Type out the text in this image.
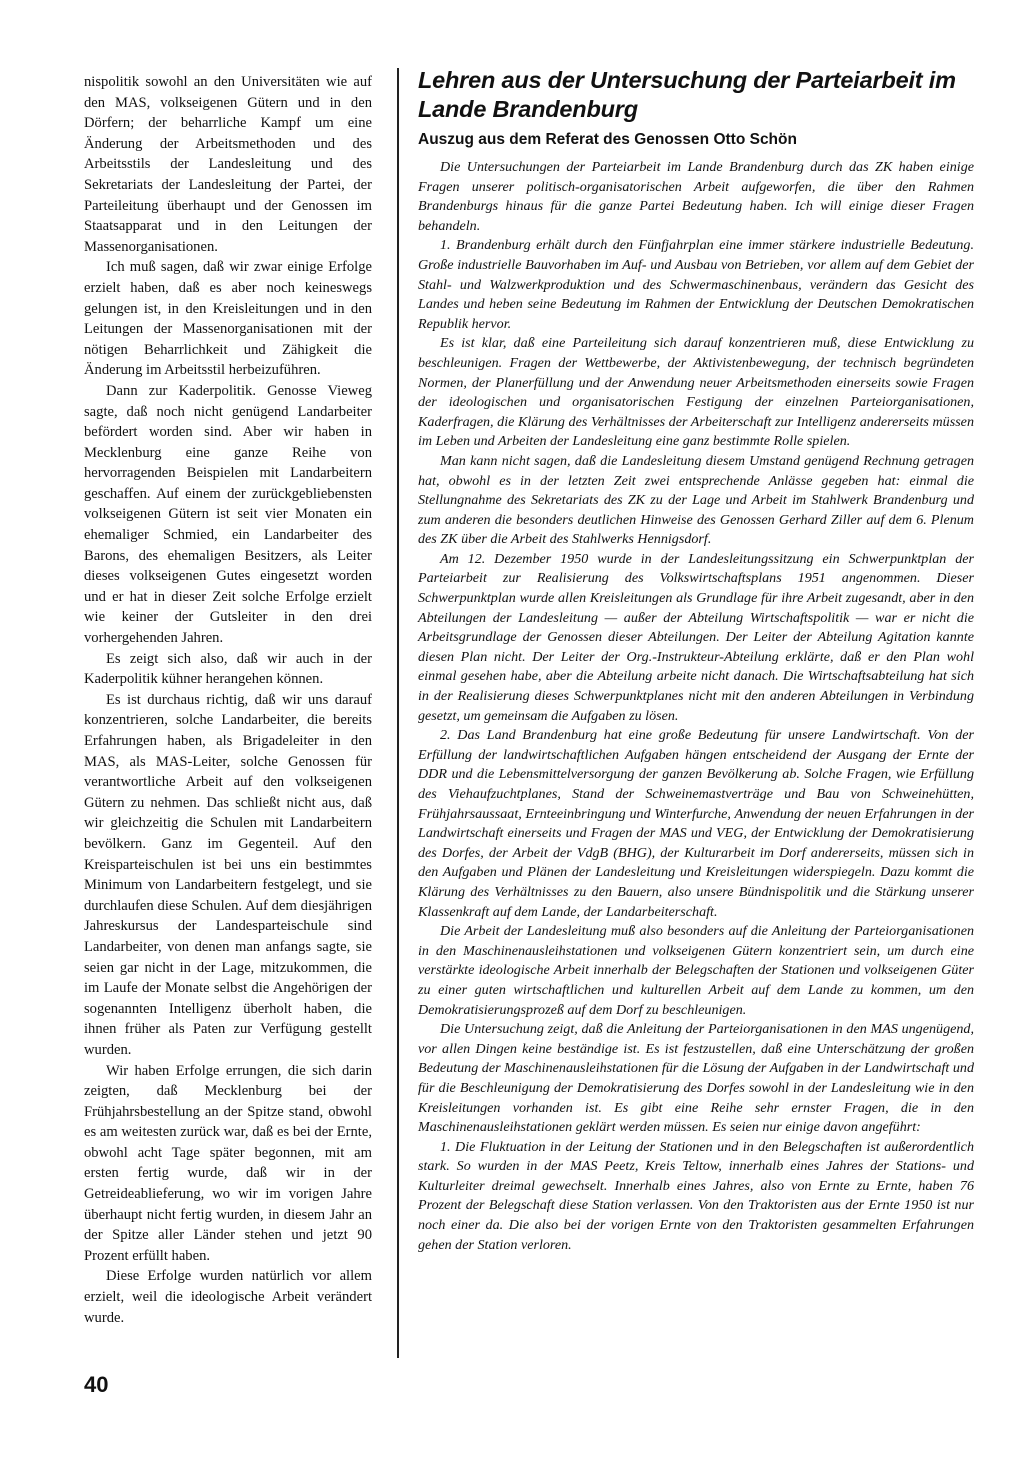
nispolitik sowohl an den Universitäten wie auf den MAS, volkseigenen Gütern und in den Dörfern; der beharrliche Kampf um eine Änderung der Arbeitsmethoden und des Arbeitsstils der Landesleitung und des Sekretariats der Landesleitung der Partei, der Parteileitung überhaupt und der Genossen im Staatsapparat und in den Leitungen der Massenorganisationen.

Ich muß sagen, daß wir zwar einige Erfolge erzielt haben, daß es aber noch keineswegs gelungen ist, in den Kreisleitungen und in den Leitungen der Massenorganisationen mit der nötigen Beharrlichkeit und Zähigkeit die Änderung im Arbeitsstil herbeizuführen.

Dann zur Kaderpolitik. Genosse Vieweg sagte, daß noch nicht genügend Landarbeiter befördert worden sind. Aber wir haben in Mecklenburg eine ganze Reihe von hervorragenden Beispielen mit Landarbeitern geschaffen. Auf einem der zurückgebliebensten volkseigenen Gütern ist seit vier Monaten ein ehemaliger Schmied, ein Landarbeiter des Barons, des ehemaligen Besitzers, als Leiter dieses volkseigenen Gutes eingesetzt worden und er hat in dieser Zeit solche Erfolge erzielt wie keiner der Gutsleiter in den drei vorhergehenden Jahren.

Es zeigt sich also, daß wir auch in der Kaderpolitik kühner herangehen können.

Es ist durchaus richtig, daß wir uns darauf konzentrieren, solche Landarbeiter, die bereits Erfahrungen haben, als Brigadeleiter in den MAS, als MAS-Leiter, solche Genossen für verantwortliche Arbeit auf den volkseigenen Gütern zu nehmen. Das schließt nicht aus, daß wir gleichzeitig die Schulen mit Landarbeitern bevölkern. Ganz im Gegenteil. Auf den Kreisparteischulen ist bei uns ein bestimmtes Minimum von Landarbeitern festgelegt, und sie durchlaufen diese Schulen. Auf dem diesjährigen Jahreskursus der Landesparteischule sind Landarbeiter, von denen man anfangs sagte, sie seien gar nicht in der Lage, mitzukommen, die im Laufe der Monate selbst die Angehörigen der sogenannten Intelligenz überholt haben, die ihnen früher als Paten zur Verfügung gestellt wurden.

Wir haben Erfolge errungen, die sich darin zeigten, daß Mecklenburg bei der Frühjahrsbestellung an der Spitze stand, obwohl es am weitesten zurück war, daß es bei der Ernte, obwohl acht Tage später begonnen, mit am ersten fertig wurde, daß wir in der Getreideablieferung, wo wir im vorigen Jahre überhaupt nicht fertig wurden, in diesem Jahr an der Spitze aller Länder stehen und jetzt 90 Prozent erfüllt haben.

Diese Erfolge wurden natürlich vor allem erzielt, weil die ideologische Arbeit verändert wurde.

Lehren aus der Untersuchung der Parteiarbeit im Lande Brandenburg
Auszug aus dem Referat des Genossen Otto Schön

Die Untersuchungen der Parteiarbeit im Lande Brandenburg durch das ZK haben einige Fragen unserer politisch-organisatorischen Arbeit aufgeworfen, die über den Rahmen Brandenburgs hinaus für die ganze Partei Bedeutung haben. Ich will einige dieser Fragen behandeln.

1. Brandenburg erhält durch den Fünfjahrplan eine immer stärkere industrielle Bedeutung. Große industrielle Bauvorhaben im Auf- und Ausbau von Betrieben, vor allem auf dem Gebiet der Stahl- und Walzwerkproduktion und des Schwermaschinenbaus, verändern das Gesicht des Landes und heben seine Bedeutung im Rahmen der Entwicklung der Deutschen Demokratischen Republik hervor.

Es ist klar, daß eine Parteileitung sich darauf konzentrieren muß, diese Entwicklung zu beschleunigen. Fragen der Wettbewerbe, der Aktivistenbewegung, der technisch begründeten Normen, der Planerfüllung und der Anwendung neuer Arbeitsmethoden einerseits sowie Fragen der ideologischen und organisatorischen Festigung der einzelnen Parteiorganisationen, Kaderfragen, die Klärung des Verhältnisses der Arbeiterschaft zur Intelligenz andererseits müssen im Leben und Arbeiten der Landesleitung eine ganz bestimmte Rolle spielen.

Man kann nicht sagen, daß die Landesleitung diesem Umstand genügend Rechnung getragen hat, obwohl es in der letzten Zeit zwei entsprechende Anlässe gegeben hat: einmal die Stellungnahme des Sekretariats des ZK zu der Lage und Arbeit im Stahlwerk Brandenburg und zum anderen die besonders deutlichen Hinweise des Genossen Gerhard Ziller auf dem 6. Plenum des ZK über die Arbeit des Stahlwerks Hennigsdorf.

Am 12. Dezember 1950 wurde in der Landesleitungssitzung ein Schwerpunktplan der Parteiarbeit zur Realisierung des Volkswirtschaftsplans 1951 angenommen. Dieser Schwerpunktplan wurde allen Kreisleitungen als Grundlage für ihre Arbeit zugesandt, aber in den Abteilungen der Landesleitung — außer der Abteilung Wirtschaftspolitik — war er nicht die Arbeitsgrundlage der Genossen dieser Abteilungen. Der Leiter der Abteilung Agitation kannte diesen Plan nicht. Der Leiter der Org.-Instrukteur-Abteilung erklärte, daß er den Plan wohl einmal gesehen habe, aber die Abteilung arbeite nicht danach. Die Wirtschaftsabteilung hat sich in der Realisierung dieses Schwerpunktplanes nicht mit den anderen Abteilungen in Verbindung gesetzt, um gemeinsam die Aufgaben zu lösen.

2. Das Land Brandenburg hat eine große Bedeutung für unsere Landwirtschaft. Von der Erfüllung der landwirtschaftlichen Aufgaben hängen entscheidend der Ausgang der Ernte der DDR und die Lebensmittelversorgung der ganzen Bevölkerung ab. Solche Fragen, wie Erfüllung des Viehaufzuchtplanes, Stand der Schweinemastverträge und Bau von Schweinehütten, Frühjahrsaussaat, Ernteeinbringung und Winterfurche, Anwendung der neuen Erfahrungen in der Landwirtschaft einerseits und Fragen der MAS und VEG, der Entwicklung der Demokratisierung des Dorfes, der Arbeit der VdgB (BHG), der Kulturarbeit im Dorf andererseits, müssen sich in den Aufgaben und Plänen der Landesleitung und Kreisleitungen widerspiegeln. Dazu kommt die Klärung des Verhältnisses zu den Bauern, also unsere Bündnispolitik und die Stärkung unserer Klassenkraft auf dem Lande, der Landarbeiterschaft.

Die Arbeit der Landesleitung muß also besonders auf die Anleitung der Parteiorganisationen in den Maschinenausleihstationen und volkseigenen Gütern konzentriert sein, um durch eine verstärkte ideologische Arbeit innerhalb der Belegschaften der Stationen und volkseigenen Güter zu einer guten wirtschaftlichen und kulturellen Arbeit auf dem Lande zu kommen, um den Demokratisierungsprozeß auf dem Dorf zu beschleunigen.

Die Untersuchung zeigt, daß die Anleitung der Parteiorganisationen in den MAS ungenügend, vor allen Dingen keine beständige ist. Es ist festzustellen, daß eine Unterschätzung der großen Bedeutung der Maschinenausleihstationen für die Lösung der Aufgaben in der Landwirtschaft und für die Beschleunigung der Demokratisierung des Dorfes sowohl in der Landesleitung wie in den Kreisleitungen vorhanden ist. Es gibt eine Reihe sehr ernster Fragen, die in den Maschinenausleihstationen geklärt werden müssen. Es seien nur einige davon angeführt:

1. Die Fluktuation in der Leitung der Stationen und in den Belegschaften ist außerordentlich stark. So wurden in der MAS Peetz, Kreis Teltow, innerhalb eines Jahres der Stations- und Kulturleiter dreimal gewechselt. Innerhalb eines Jahres, also von Ernte zu Ernte, haben 76 Prozent der Belegschaft diese Station verlassen. Von den Traktoristen aus der Ernte 1950 ist nur noch einer da. Die also bei der vorigen Ernte von den Traktoristen gesammelten Erfahrungen gehen der Station verloren.

40
